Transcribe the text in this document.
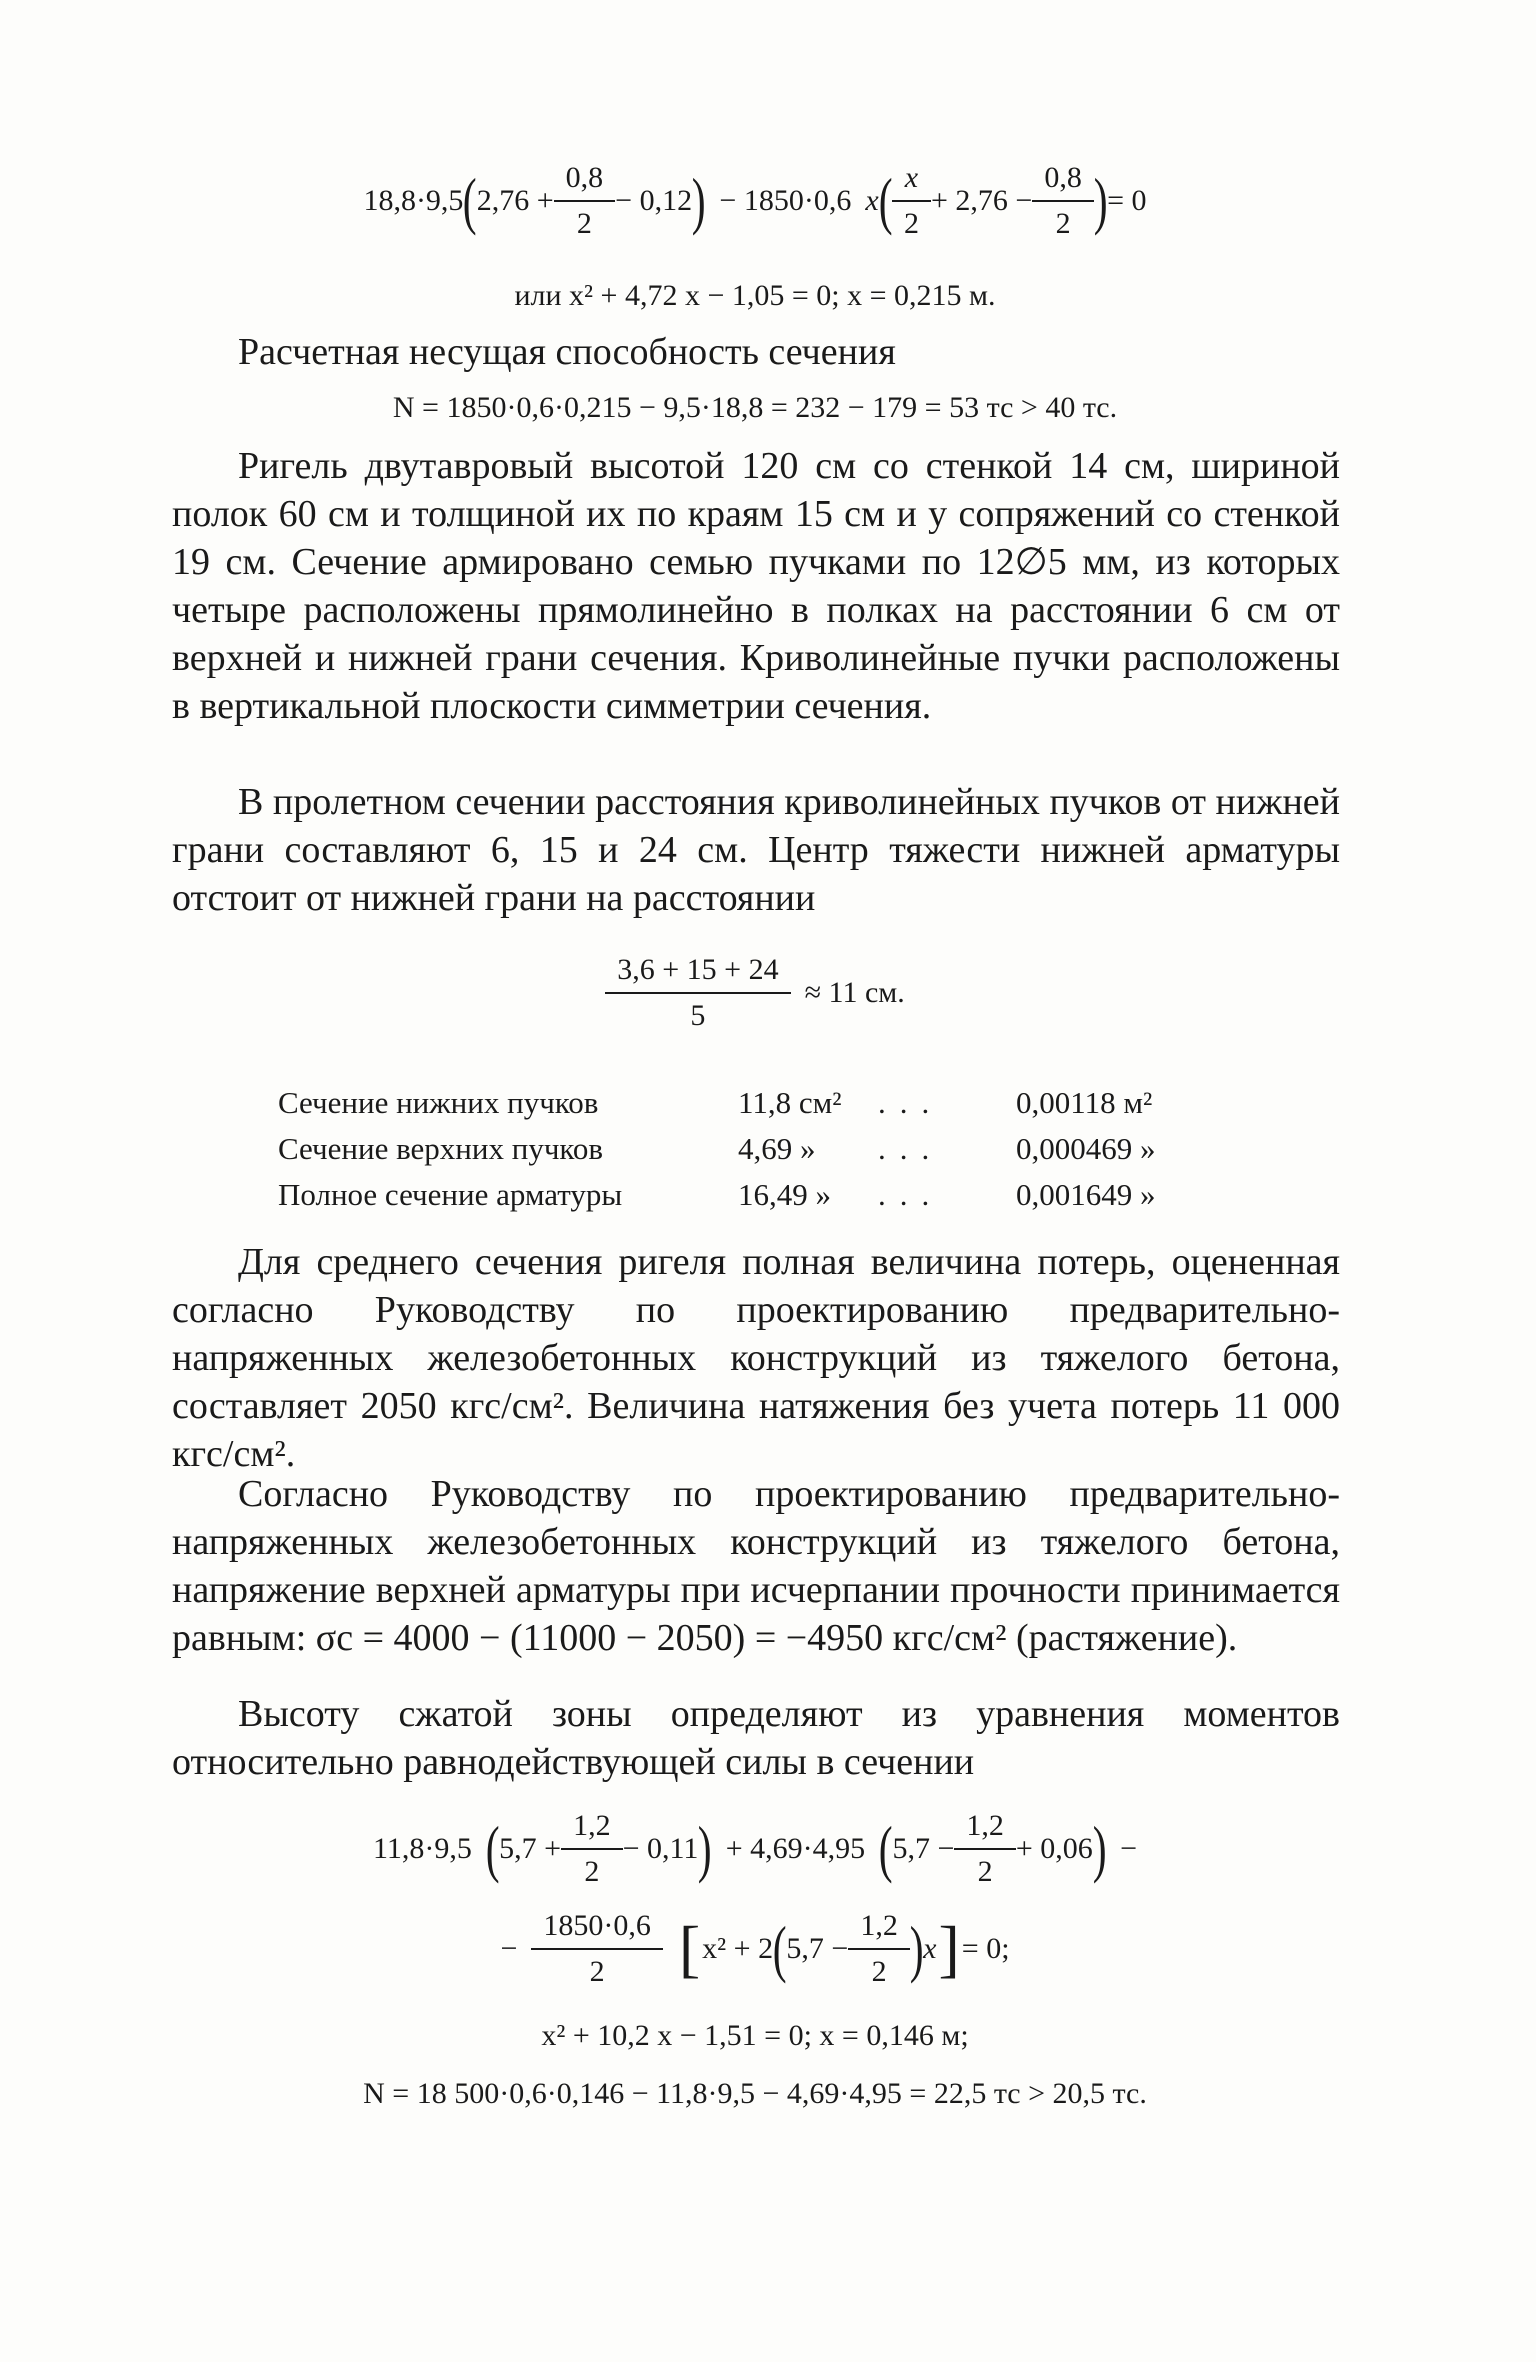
18,8·9,5 ( $2,76 + \frac{0,8}{2} - 0,12$ ) − 1850·0,6 x ( $\frac{x}{2} + 2,76 - \frac{0,8}{2}$ ) = 0
или x² + 4,72 x − 1,05 = 0; x = 0,215 м.

Расчетная несущая способность сечения

N = 1850·0,6·0,215 − 9,5·18,8 = 232 − 179 = 53 тс > 40 тс.

Ригель двутавровый высотой 120 см со стенкой 14 см, шириной полок 60 см и толщиной их по краям 15 см и у сопряжений со стенкой 19 см. Сечение армировано семью пучками по 12∅5 мм, из которых четыре расположены прямолинейно в полках на расстоянии 6 см от верхней и нижней грани сечения. Криволинейные пучки расположены в вертикальной плоскости симметрии сечения.

В пролетном сечении расстояния криволинейных пучков от нижней грани составляют 6, 15 и 24 см. Центр тяжести нижней арматуры отстоит от нижней грани на расстоянии

$\frac{3,6 + 15 + 24}{5} \approx 11$ см.
Сечение нижних пучков	11,8 см²	...	0,00118 м²
Сечение верхних пучков	4,69 »	...	0,000469 »
Полное сечение арматуры	16,49 »	...	0,001649 »

Для среднего сечения ригеля полная величина потерь, оцененная согласно Руководству по проектированию предварительно-напряженных железобетонных конструкций из тяжелого бетона, составляет 2050 кгс/см². Величина натяжения без учета потерь 11 000 кгс/см².

Согласно Руководству по проектированию предварительно-напряженных железобетонных конструкций из тяжелого бетона, напряжение верхней арматуры при исчерпании прочности принимается равным: σc = 4000 − (11000 − 2050) = −4950 кгс/см² (растяжение).

Высоту сжатой зоны определяют из уравнения моментов относительно равнодействующей силы в сечении

11,8·9,5 ( $5,7 + \frac{1,2}{2} - 0,11$ ) + 4,69·4,95 ( $5,7 - \frac{1,2}{2} + 0,06$ ) −
− $\frac{1850\cdot 0,6}{2}$ [ x² + 2 ( $5,7 - \frac{1,2}{2}$ ) x ] = 0;
x² + 10,2 x − 1,51 = 0; x = 0,146 м;
N = 18 500·0,6·0,146 − 11,8·9,5 − 4,69·4,95 = 22,5 тс > 20,5 тс.
